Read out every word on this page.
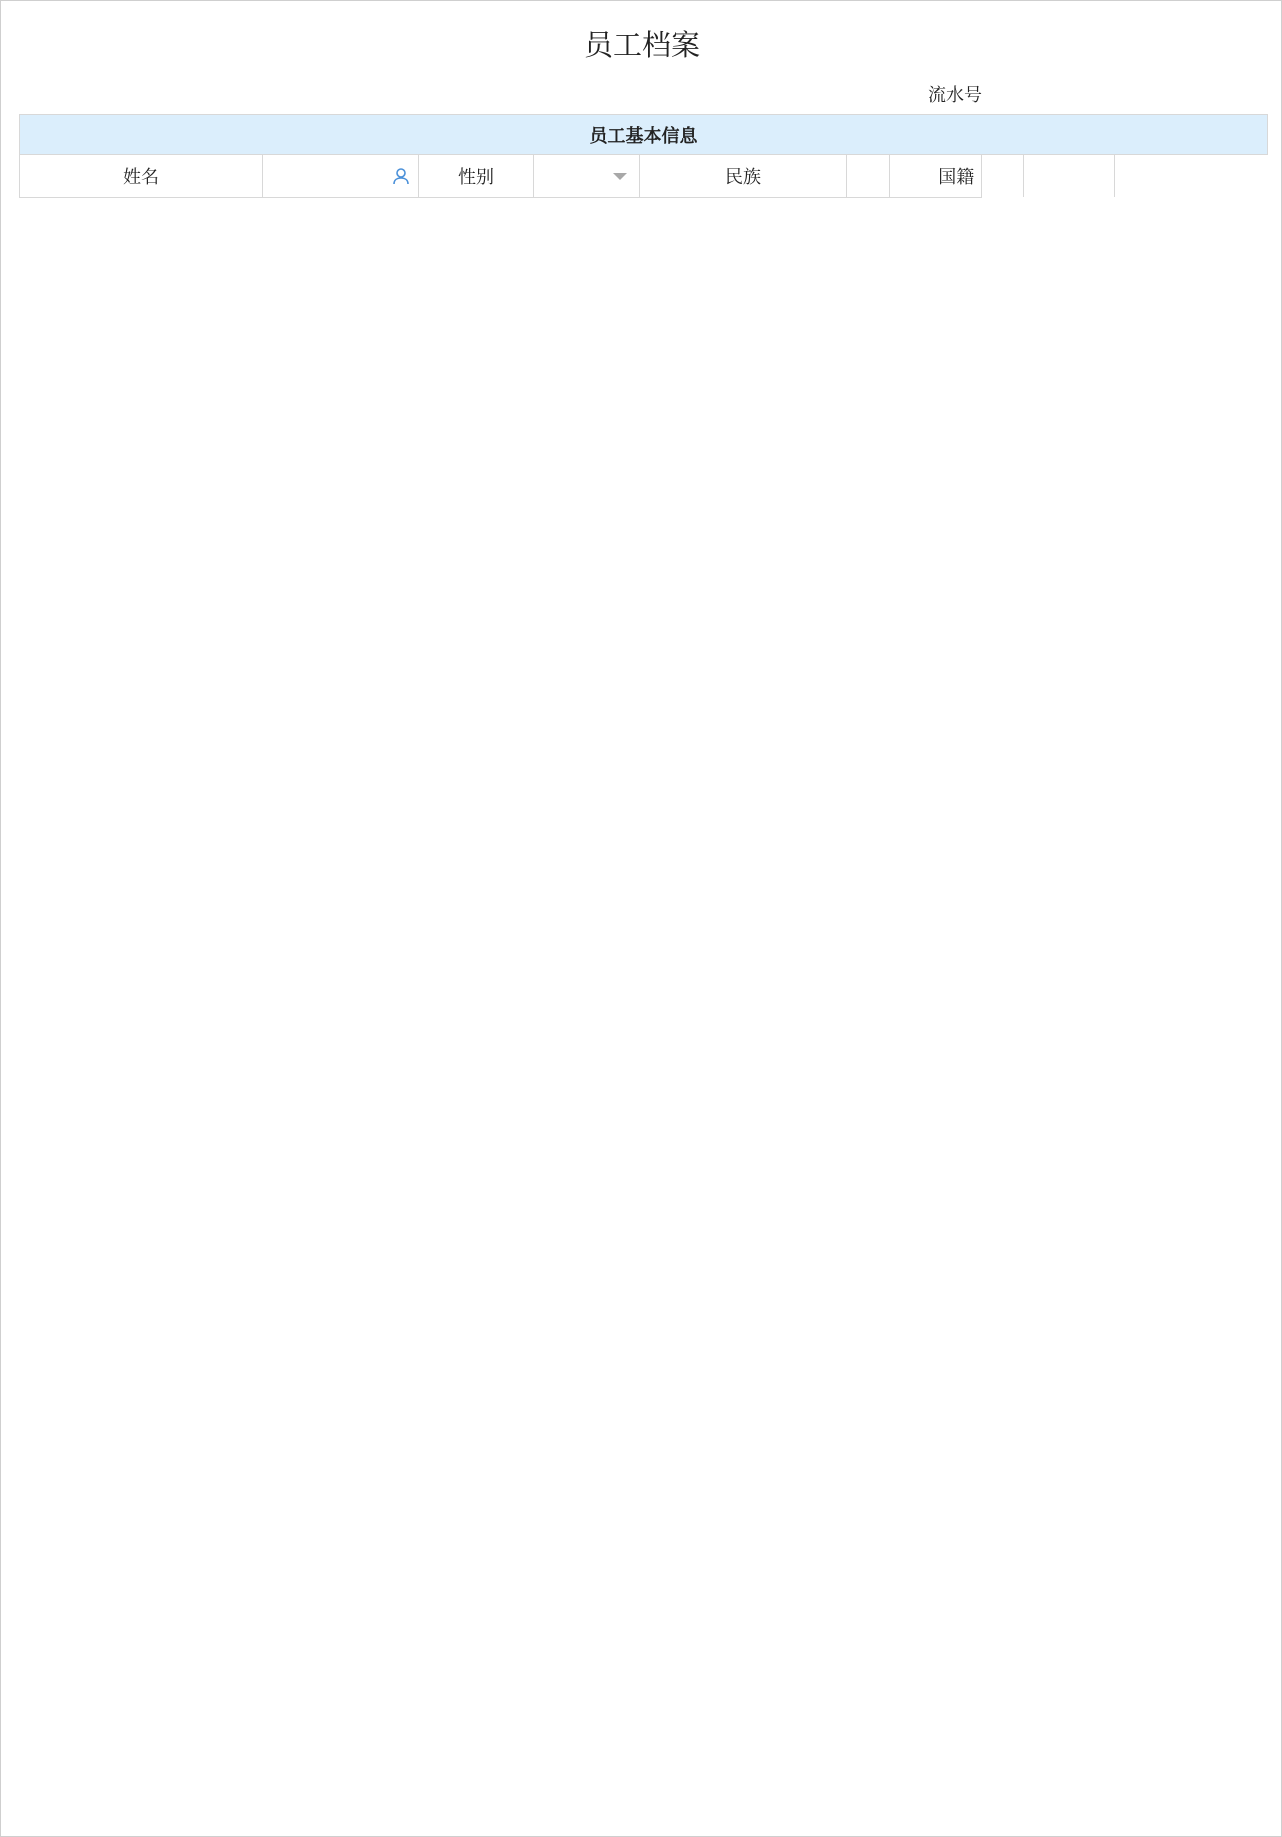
员工档案
流水号
员工基本信息
姓名		性别		民族			国籍		
